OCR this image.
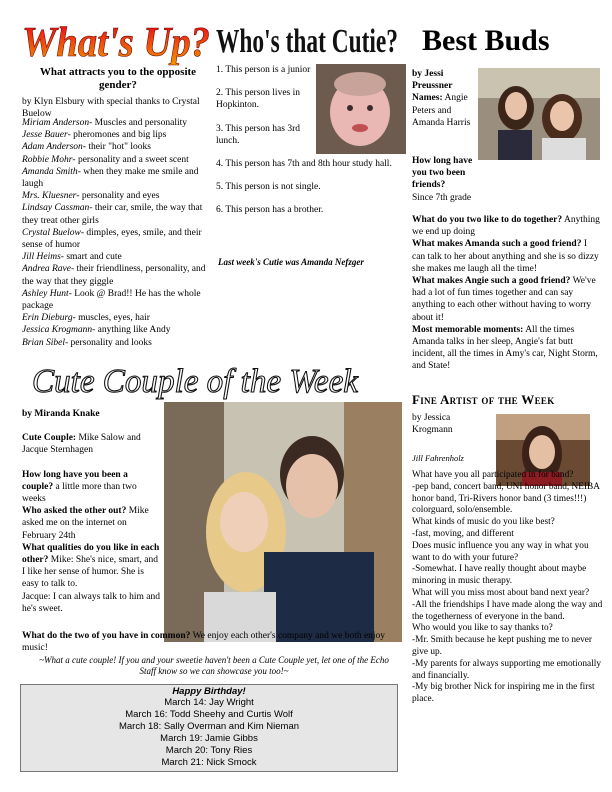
What's Up?
What attracts you to the opposite gender?
by Klyn Elsbury with special thanks to Crystal Buelow

Miriam Anderson- Muscles and personality

Jesse Bauer- pheromones and big lips

Adam Anderson- their "hot" looks

Robbie Mohr- personality and a sweet scent

Amanda Smith- when they make me smile and laugh

Mrs. Kluesner- personality and eyes

Lindsay Cassman- their car, smile, the way that they treat other girls

Crystal Buelow- dimples, eyes, smile, and their sense of humor

Jill Heims- smart and cute

Andrea Rave- their friendliness, personality, and the way that they giggle

Ashley Hunt- Look @ Brad!! He has the whole package

Erin Dieburg- muscles, eyes, hair

Jessica Krogmann- anything like Andy

Brian Sibel- personality and looks

Who's that Cutie?

1. This person is a junior

2. This person lives in Hopkinton.

3. This person has 3rd lunch.

4. This person has 7th and 8th hour study hall.

5. This person is not single.

6. This person has a brother.

Last week's Cutie was Amanda Nefzger
Best Buds

by Jessi Preussner

Names: Angie Peters and Amanda Harris

How long have you two been friends?

Since 7th grade

What do you two like to do together? Anything we end up doing

What makes Amanda such a good friend? I can talk to her about anything and she is so dizzy she makes me laugh all the time!

What makes Angie such a good friend? We've had a lot of fun times together and can say anything to each other without having to worry about it!

Most memorable moments: All the times Amanda talks in her sleep, Angie's fat butt incident, all the times in Amy's car, Night Storm, and State!

Cute Couple of the Week

by Miranda Knake

Cute Couple: Mike Salow and Jacque Sternhagen

How long have you been a couple? a little more than two weeks

Who asked the other out? Mike asked me on the internet on February 24th

What qualities do you like in each other? Mike: She's nice, smart, and I like her sense of humor. She is easy to talk to.
Jacque: I can always talk to him and he's sweet.

What do the two of you have in common? We enjoy each other's company and we both enjoy music!
~What a cute couple! If you and your sweetie haven't been a Cute Couple yet, let one of the Echo Staff know so we can showcase you too!~
Happy Birthday!
March 14: Jay Wright
March 16: Todd Sheehy and Curtis Wolf
March 18: Sally Overman and Kim Nieman
March 19: Jamie Gibbs
March 20: Tony Ries
March 21: Nick Smock
Fine Artist of the Week
by Jessica Krogmann
Jill Fahrenholz

What have you all participated in for band?

-pep band, concert band, UNI honor band, NEIBA honor band, Tri-Rivers honor band (3 times!!!) colorguard, solo/ensemble.

What kinds of music do you like best?

-fast, moving, and different

Does music influence you any way in what you want to do with your future?

-Somewhat. I have really thought about maybe minoring in music therapy.

What will you miss most about band next year?

-All the friendships I have made along the way and the togetherness of everyone in the band.

Who would you like to say thanks to?

-Mr. Smith because he kept pushing me to never give up.

-My parents for always supporting me emotionally and financially.

-My big brother Nick for inspiring me in the first place.
